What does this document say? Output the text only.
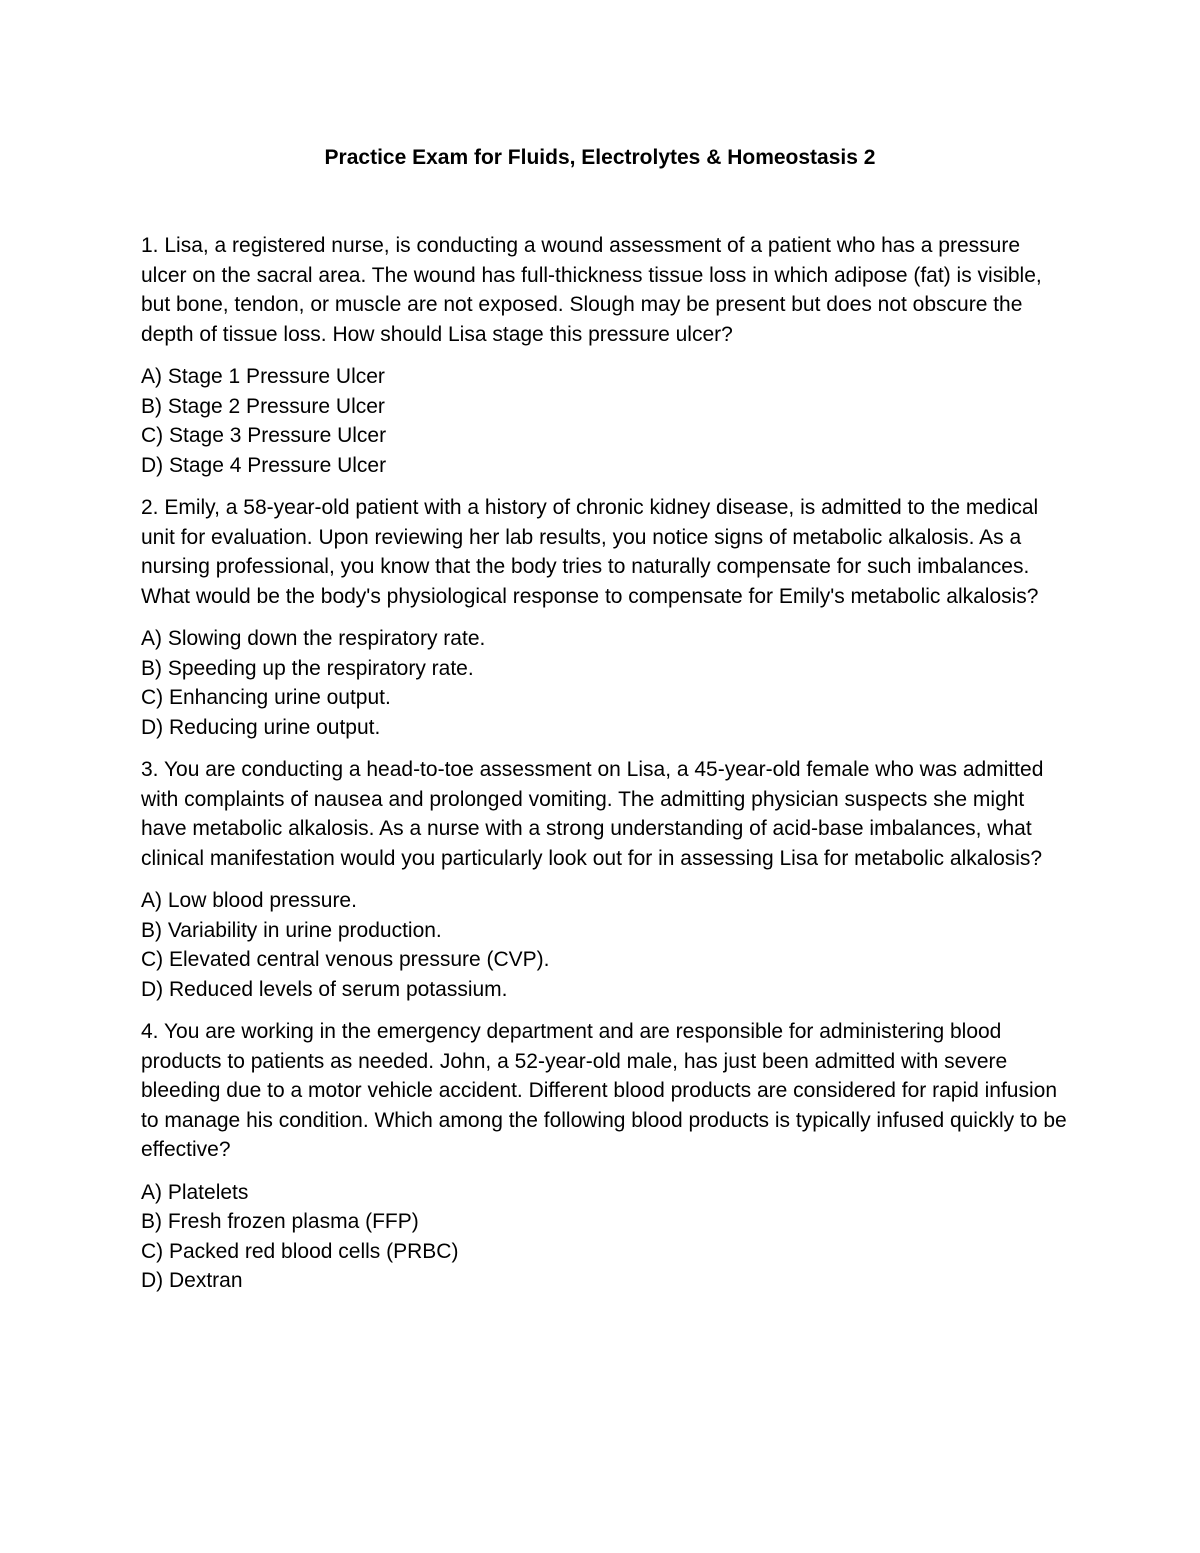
Practice Exam for Fluids, Electrolytes & Homeostasis 2

1. Lisa, a registered nurse, is conducting a wound assessment of a patient who has a pressure ulcer on the sacral area. The wound has full-thickness tissue loss in which adipose (fat) is visible, but bone, tendon, or muscle are not exposed. Slough may be present but does not obscure the depth of tissue loss. How should Lisa stage this pressure ulcer?

A) Stage 1 Pressure Ulcer
B) Stage 2 Pressure Ulcer
C) Stage 3 Pressure Ulcer
D) Stage 4 Pressure Ulcer

2. Emily, a 58-year-old patient with a history of chronic kidney disease, is admitted to the medical unit for evaluation. Upon reviewing her lab results, you notice signs of metabolic alkalosis. As a nursing professional, you know that the body tries to naturally compensate for such imbalances. What would be the body's physiological response to compensate for Emily's metabolic alkalosis?

A) Slowing down the respiratory rate.
B) Speeding up the respiratory rate.
C) Enhancing urine output.
D) Reducing urine output.

3. You are conducting a head-to-toe assessment on Lisa, a 45-year-old female who was admitted with complaints of nausea and prolonged vomiting. The admitting physician suspects she might have metabolic alkalosis. As a nurse with a strong understanding of acid-base imbalances, what clinical manifestation would you particularly look out for in assessing Lisa for metabolic alkalosis?

A) Low blood pressure.
B) Variability in urine production.
C) Elevated central venous pressure (CVP).
D) Reduced levels of serum potassium.

4. You are working in the emergency department and are responsible for administering blood products to patients as needed. John, a 52-year-old male, has just been admitted with severe bleeding due to a motor vehicle accident. Different blood products are considered for rapid infusion to manage his condition. Which among the following blood products is typically infused quickly to be effective?

A) Platelets
B) Fresh frozen plasma (FFP)
C) Packed red blood cells (PRBC)
D) Dextran
